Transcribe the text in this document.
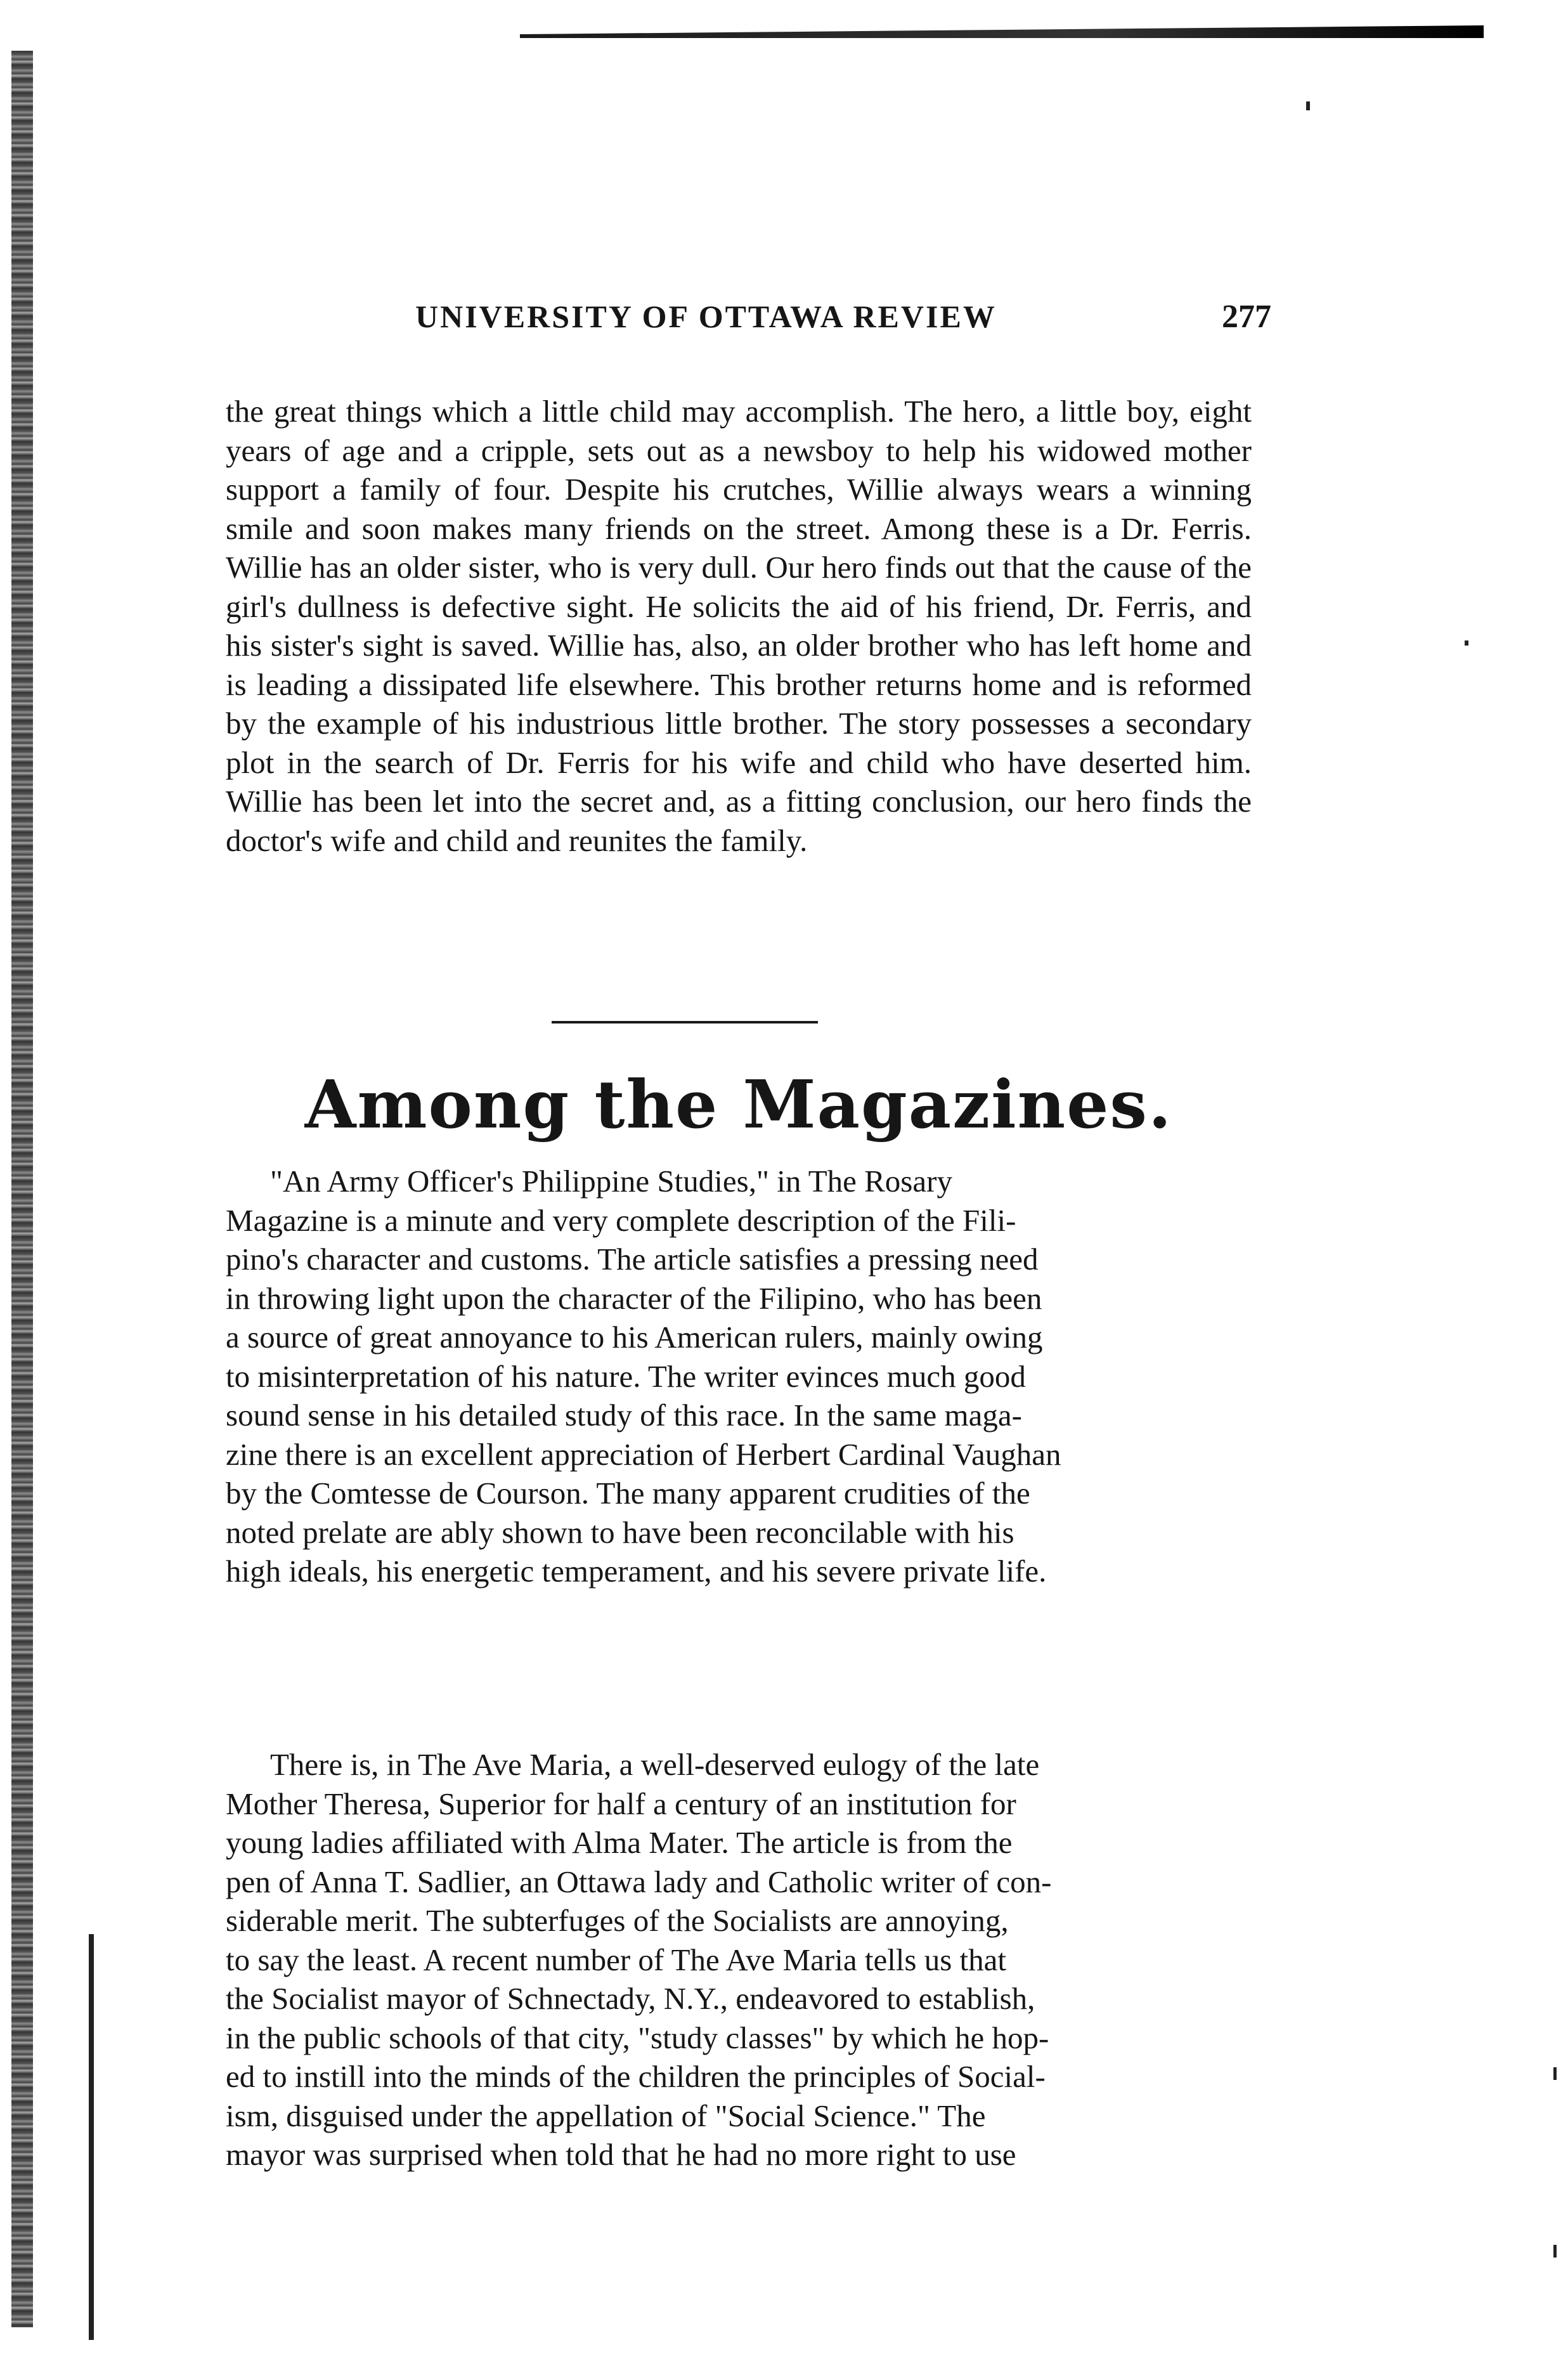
UNIVERSITY OF OTTAWA REVIEW	277

the great things which a little child may accomplish. The hero, a little boy, eight years of age and a cripple, sets out as a newsboy to help his widowed mother support a family of four. Despite his crutches, Willie always wears a winning smile and soon makes many friends on the street. Among these is a Dr. Ferris. Willie has an older sister, who is very dull. Our hero finds out that the cause of the girl's dullness is defective sight. He solicits the aid of his friend, Dr. Ferris, and his sister's sight is saved. Willie has, also, an older brother who has left home and is leading a dissipated life elsewhere. This brother returns home and is reformed by the example of his industrious little brother. The story possesses a secondary plot in the search of Dr. Ferris for his wife and child who have deserted him. Willie has been let into the secret and, as a fitting conclusion, our hero finds the doctor's wife and child and reunites the family.

Among the Magazines.
"An Army Officer's Philippine Studies," in The Rosary
Magazine is a minute and very complete description of the Fili-
pino's character and customs. The article satisfies a pressing need
in throwing light upon the character of the Filipino, who has been
a source of great annoyance to his American rulers, mainly owing
to misinterpretation of his nature. The writer evinces much good
sound sense in his detailed study of this race. In the same maga-
zine there is an excellent appreciation of Herbert Cardinal Vaughan
by the Comtesse de Courson. The many apparent crudities of the
noted prelate are ably shown to have been reconcilable with his
high ideals, his energetic temperament, and his severe private life.
There is, in The Ave Maria, a well-deserved eulogy of the late
Mother Theresa, Superior for half a century of an institution for
young ladies affiliated with Alma Mater. The article is from the
pen of Anna T. Sadlier, an Ottawa lady and Catholic writer of con-
siderable merit. The subterfuges of the Socialists are annoying,
to say the least. A recent number of The Ave Maria tells us that
the Socialist mayor of Schnectady, N.Y., endeavored to establish,
in the public schools of that city, "study classes" by which he hop-
ed to instill into the minds of the children the principles of Social-
ism, disguised under the appellation of "Social Science." The
mayor was surprised when told that he had no more right to use
